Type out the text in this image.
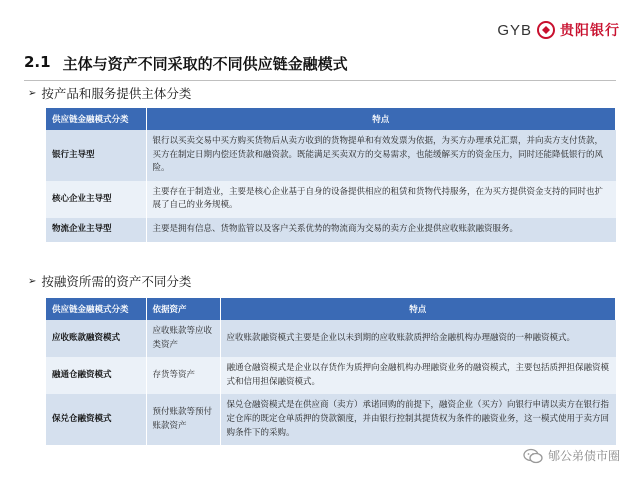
GYB 贵阳银行
2.1 主体与资产不同采取的不同供应链金融模式
➢ 按产品和服务提供主体分类
供应链金融模式分类	特点
银行主导型	银行以买卖交易中买方购买货物后从卖方收到的货物提单和有效发票为依据，为买方办理承兑汇票，并向卖方支付货款，买方在制定日期内偿还货款和融资款。既能满足买卖双方的交易需求，也能缓解买方的资金压力，同时还能降低银行的风险。
核心企业主导型	主要存在于制造业，主要是核心企业基于自身的设备提供相应的租赁和货物代持服务，在为买方提供资金支持的同时也扩展了自己的业务规模。
物流企业主导型	主要是拥有信息、货物监管以及客户关系优势的物流商为交易的卖方企业提供应收账款融资服务。
➢ 按融资所需的资产不同分类
供应链金融模式分类	依据资产	特点
应收账款融资模式	应收账款等应收类资产	应收账款融资模式主要是企业以未到期的应收账款质押给金融机构办理融资的一种融资模式。
融通仓融资模式	存货等资产	融通仓融资模式是企业以存货作为质押向金融机构办理融资业务的融资模式，主要包括质押担保融资模式和信用担保融资模式。
保兑仓融资模式	预付账款等预付账款资产	保兑仓融资模式是在供应商（卖方）承诺回购的前提下，融资企业（买方）向银行申请以卖方在银行指定仓库的既定仓单质押的贷款额度，并由银行控制其提货权为条件的融资业务，这一模式使用于卖方回购条件下的采购。
郇公弟债市圈
